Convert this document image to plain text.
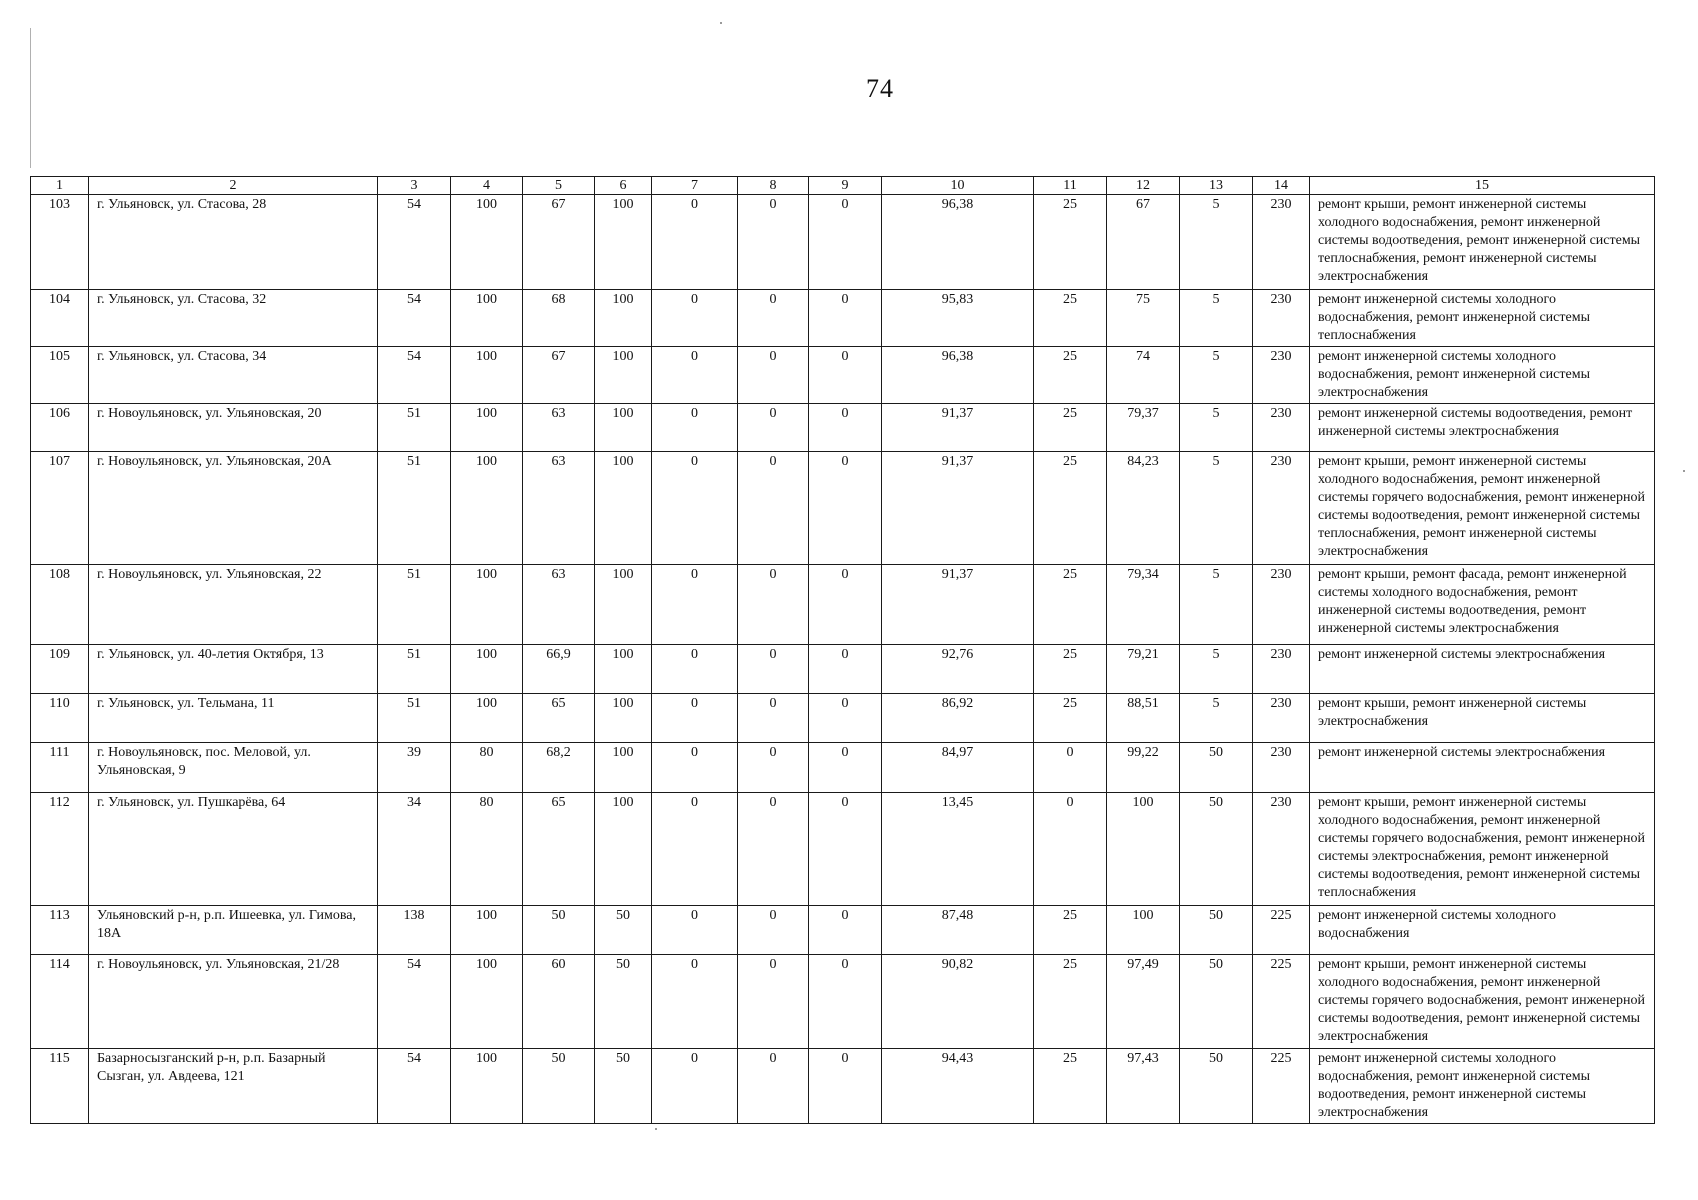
74
1	2	3	4	5	6	7	8	9	10	11	12	13	14	15
103	г. Ульяновск, ул. Стасова, 28	54	100	67	100	0	0	0	96,38	25	67	5	230	ремонт крыши, ремонт инженерной системы холодного водоснабжения, ремонт инженерной системы водоотведения, ремонт инженерной системы теплоснабжения, ремонт инженерной системы электроснабжения
104	г. Ульяновск, ул. Стасова, 32	54	100	68	100	0	0	0	95,83	25	75	5	230	ремонт инженерной системы холодного водоснабжения, ремонт инженерной системы теплоснабжения
105	г. Ульяновск, ул. Стасова, 34	54	100	67	100	0	0	0	96,38	25	74	5	230	ремонт инженерной системы холодного водоснабжения, ремонт инженерной системы электроснабжения
106	г. Новоульяновск, ул. Ульяновская, 20	51	100	63	100	0	0	0	91,37	25	79,37	5	230	ремонт инженерной системы водоотведения, ремонт инженерной системы электроснабжения
107	г. Новоульяновск, ул. Ульяновская, 20А	51	100	63	100	0	0	0	91,37	25	84,23	5	230	ремонт крыши, ремонт инженерной системы холодного водоснабжения, ремонт инженерной системы горячего водоснабжения, ремонт инженерной системы водоотведения, ремонт инженерной системы теплоснабжения, ремонт инженерной системы электроснабжения
108	г. Новоульяновск, ул. Ульяновская, 22	51	100	63	100	0	0	0	91,37	25	79,34	5	230	ремонт крыши, ремонт фасада, ремонт инженерной системы холодного водоснабжения, ремонт инженерной системы водоотведения, ремонт инженерной системы электроснабжения
109	г. Ульяновск, ул. 40-летия Октября, 13	51	100	66,9	100	0	0	0	92,76	25	79,21	5	230	ремонт инженерной системы электроснабжения
110	г. Ульяновск, ул. Тельмана, 11	51	100	65	100	0	0	0	86,92	25	88,51	5	230	ремонт крыши, ремонт инженерной системы электроснабжения
111	г. Новоульяновск, пос. Меловой, ул. Ульяновская, 9	39	80	68,2	100	0	0	0	84,97	0	99,22	50	230	ремонт инженерной системы электроснабжения
112	г. Ульяновск, ул. Пушкарёва, 64	34	80	65	100	0	0	0	13,45	0	100	50	230	ремонт крыши, ремонт инженерной системы холодного водоснабжения, ремонт инженерной системы горячего водоснабжения, ремонт инженерной системы электроснабжения, ремонт инженерной системы водоотведения, ремонт инженерной системы теплоснабжения
113	Ульяновский р-н, р.п. Ишеевка, ул. Гимова, 18А	138	100	50	50	0	0	0	87,48	25	100	50	225	ремонт инженерной системы холодного водоснабжения
114	г. Новоульяновск, ул. Ульяновская, 21/28	54	100	60	50	0	0	0	90,82	25	97,49	50	225	ремонт крыши, ремонт инженерной системы холодного водоснабжения, ремонт инженерной системы горячего водоснабжения, ремонт инженерной системы водоотведения, ремонт инженерной системы электроснабжения
115	Базарносызганский р-н, р.п. Базарный Сызган, ул. Авдеева, 121	54	100	50	50	0	0	0	94,43	25	97,43	50	225	ремонт инженерной системы холодного водоснабжения, ремонт инженерной системы водоотведения, ремонт инженерной системы электроснабжения
